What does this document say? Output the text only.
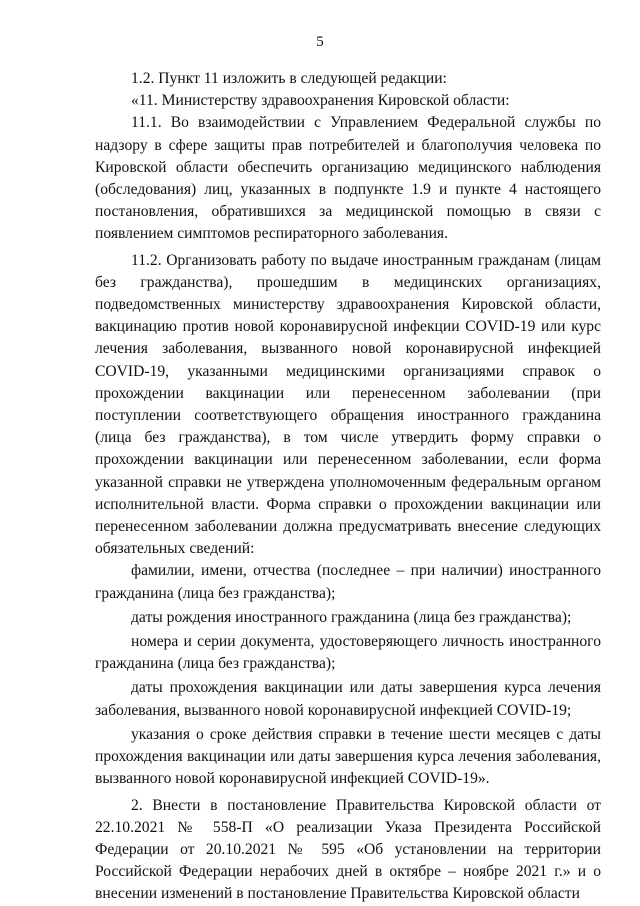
5

1.2. Пункт 11 изложить в следующей редакции:

«11. Министерству здравоохранения Кировской области:

11.1. Во взаимодействии с Управлением Федеральной службы по надзору в сфере защиты прав потребителей и благополучия человека по Кировской области обеспечить организацию медицинского наблюдения (обследования) лиц, указанных в подпункте 1.9 и пункте 4 настоящего постановления, обратившихся за медицинской помощью в связи с появлением симптомов респираторного заболевания.

11.2. Организовать работу по выдаче иностранным гражданам (лицам без гражданства), прошедшим в медицинских организациях, подведомственных министерству здравоохранения Кировской области, вакцинацию против новой коронавирусной инфекции COVID-19 или курс лечения заболевания, вызванного новой коронавирусной инфекцией COVID-19, указанными медицинскими организациями справок о прохождении вакцинации или перенесенном заболевании (при поступлении соответствующего обращения иностранного гражданина (лица без гражданства), в том числе утвердить форму справки о прохождении вакцинации или перенесенном заболевании, если форма указанной справки не утверждена уполномоченным федеральным органом исполнительной власти. Форма справки о прохождении вакцинации или перенесенном заболевании должна предусматривать внесение следующих обязательных сведений:

фамилии, имени, отчества (последнее – при наличии) иностранного гражданина (лица без гражданства);

даты рождения иностранного гражданина (лица без гражданства);

номера и серии документа, удостоверяющего личность иностранного гражданина (лица без гражданства);

даты прохождения вакцинации или даты завершения курса лечения заболевания, вызванного новой коронавирусной инфекцией COVID-19;

указания о сроке действия справки в течение шести месяцев с даты прохождения вакцинации или даты завершения курса лечения заболевания, вызванного новой коронавирусной инфекцией COVID-19».

2. Внести в постановление Правительства Кировской области от 22.10.2021 № 558-П «О реализации Указа Президента Российской Федерации от 20.10.2021 № 595 «Об установлении на территории Российской Федерации нерабочих дней в октябре – ноябре 2021 г.» и о внесении изменений в постановление Правительства Кировской области
